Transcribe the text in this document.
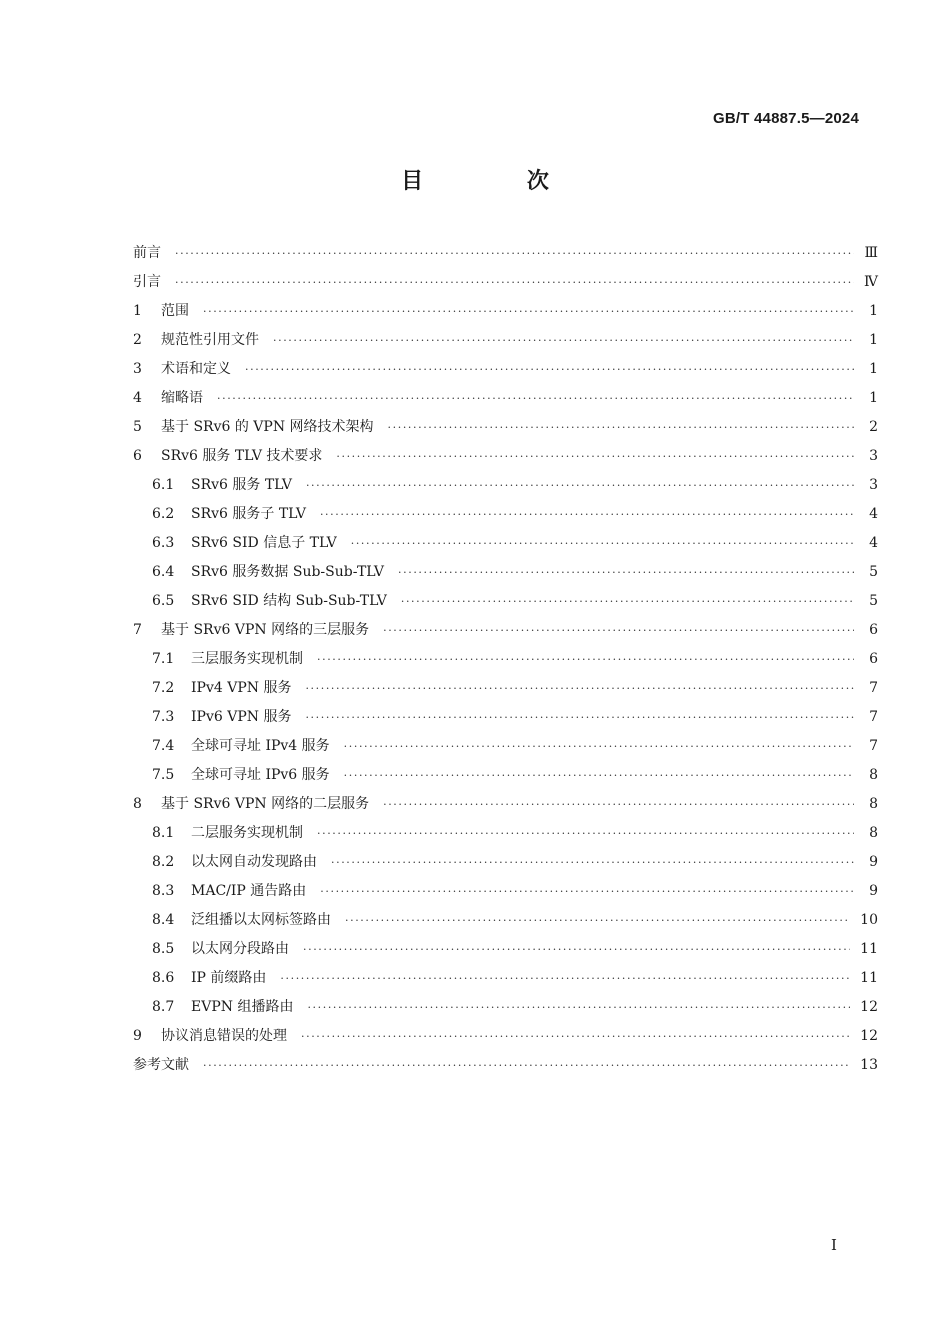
GB/T 44887.5—2024
目 次
前言 ·····	Ⅲ
引言 ·····	Ⅳ
1	范围 ·····	1
2	规范性引用文件 ·····	1
3	术语和定义 ·····	1
4	缩略语 ·····	1
5	基于 SRv6 的 VPN 网络技术架构 ·····	2
6	SRv6 服务 TLV 技术要求 ·····	3
6.1	SRv6 服务 TLV ·····	3
6.2	SRv6 服务子 TLV ·····	4
6.3	SRv6 SID 信息子 TLV ·····	4
6.4	SRv6 服务数据 Sub-Sub-TLV ·····	5
6.5	SRv6 SID 结构 Sub-Sub-TLV ·····	5
7	基于 SRv6 VPN 网络的三层服务 ·····	6
7.1	三层服务实现机制 ·····	6
7.2	IPv4 VPN 服务 ·····	7
7.3	IPv6 VPN 服务 ·····	7
7.4	全球可寻址 IPv4 服务 ·····	7
7.5	全球可寻址 IPv6 服务 ·····	8
8	基于 SRv6 VPN 网络的二层服务 ·····	8
8.1	二层服务实现机制 ·····	8
8.2	以太网自动发现路由 ·····	9
8.3	MAC/IP 通告路由 ·····	9
8.4	泛组播以太网标签路由 ·····	10
8.5	以太网分段路由 ·····	11
8.6	IP 前缀路由 ·····	11
8.7	EVPN 组播路由 ·····	12
9	协议消息错误的处理 ·····	12
参考文献 ·····	13
Ⅰ
